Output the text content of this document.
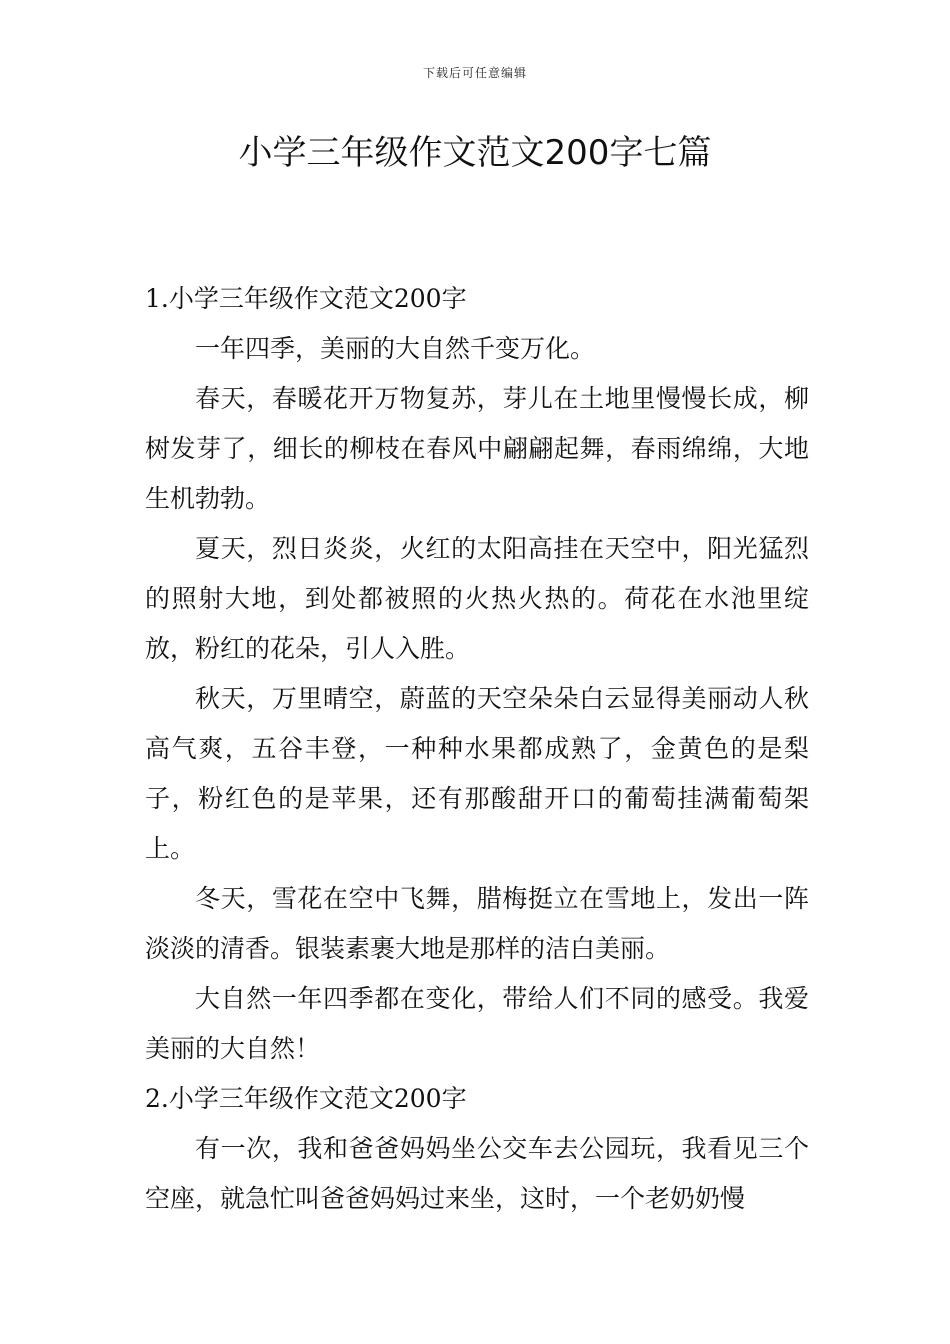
下载后可任意编辑
小学三年级作文范文200字七篇

1.小学三年级作文范文200字

一年四季，美丽的大自然千变万化。

春天，春暖花开万物复苏，芽儿在土地里慢慢长成，柳树发芽了，细长的柳枝在春风中翩翩起舞，春雨绵绵，大地生机勃勃。

夏天，烈日炎炎，火红的太阳高挂在天空中，阳光猛烈的照射大地，到处都被照的火热火热的。荷花在水池里绽放，粉红的花朵，引人入胜。

秋天，万里晴空，蔚蓝的天空朵朵白云显得美丽动人秋高气爽，五谷丰登，一种种水果都成熟了，金黄色的是梨子，粉红色的是苹果，还有那酸甜开口的葡萄挂满葡萄架上。

冬天，雪花在空中飞舞，腊梅挺立在雪地上，发出一阵淡淡的清香。银装素裹大地是那样的洁白美丽。

大自然一年四季都在变化，带给人们不同的感受。我爱美丽的大自然！

2.小学三年级作文范文200字

有一次，我和爸爸妈妈坐公交车去公园玩，我看见三个空座，就急忙叫爸爸妈妈过来坐，这时，一个老奶奶慢
